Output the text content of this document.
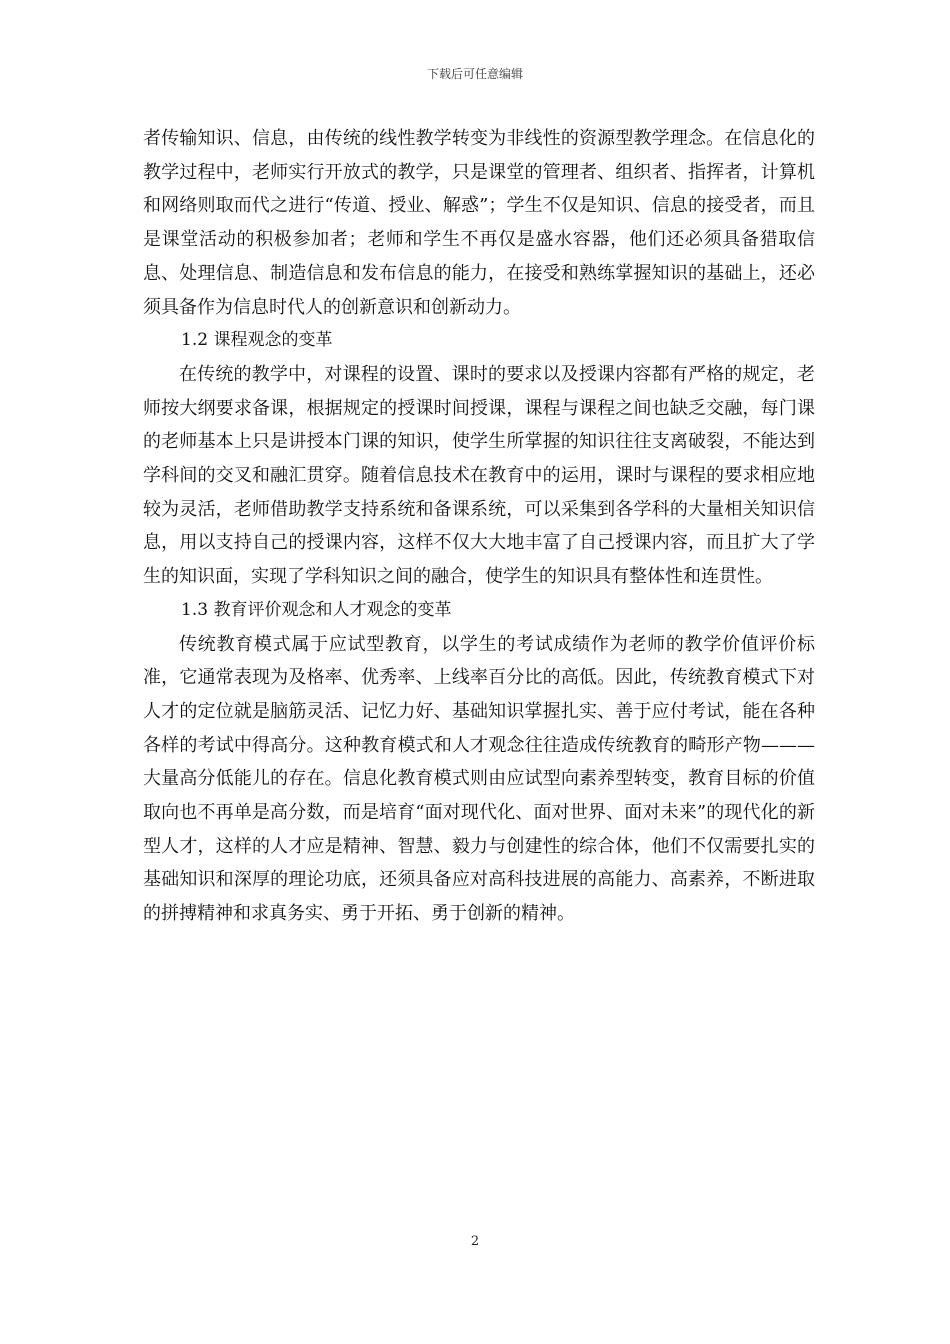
下载后可任意编辑

者传输知识、信息，由传统的线性教学转变为非线性的资源型教学理念。在信息化的教学过程中，老师实行开放式的教学，只是课堂的管理者、组织者、指挥者，计算机和网络则取而代之进行“传道、授业、解惑”；学生不仅是知识、信息的接受者，而且是课堂活动的积极参加者；老师和学生不再仅是盛水容器，他们还必须具备猎取信息、处理信息、制造信息和发布信息的能力，在接受和熟练掌握知识的基础上，还必须具备作为信息时代人的创新意识和创新动力。

1.2 课程观念的变革

在传统的教学中，对课程的设置、课时的要求以及授课内容都有严格的规定，老师按大纲要求备课，根据规定的授课时间授课，课程与课程之间也缺乏交融，每门课的老师基本上只是讲授本门课的知识，使学生所掌握的知识往往支离破裂，不能达到学科间的交叉和融汇贯穿。随着信息技术在教育中的运用，课时与课程的要求相应地较为灵活，老师借助教学支持系统和备课系统，可以采集到各学科的大量相关知识信息，用以支持自己的授课内容，这样不仅大大地丰富了自己授课内容，而且扩大了学生的知识面，实现了学科知识之间的融合，使学生的知识具有整体性和连贯性。

1.3 教育评价观念和人才观念的变革

传统教育模式属于应试型教育，以学生的考试成绩作为老师的教学价值评价标准，它通常表现为及格率、优秀率、上线率百分比的高低。因此，传统教育模式下对人才的定位就是脑筋灵活、记忆力好、基础知识掌握扎实、善于应付考试，能在各种各样的考试中得高分。这种教育模式和人才观念往往造成传统教育的畸形产物———大量高分低能儿的存在。信息化教育模式则由应试型向素养型转变，教育目标的价值取向也不再单是高分数，而是培育“面对现代化、面对世界、面对未来”的现代化的新型人才，这样的人才应是精神、智慧、毅力与创建性的综合体，他们不仅需要扎实的基础知识和深厚的理论功底，还须具备应对高科技进展的高能力、高素养，不断进取的拼搏精神和求真务实、勇于开拓、勇于创新的精神。

2
